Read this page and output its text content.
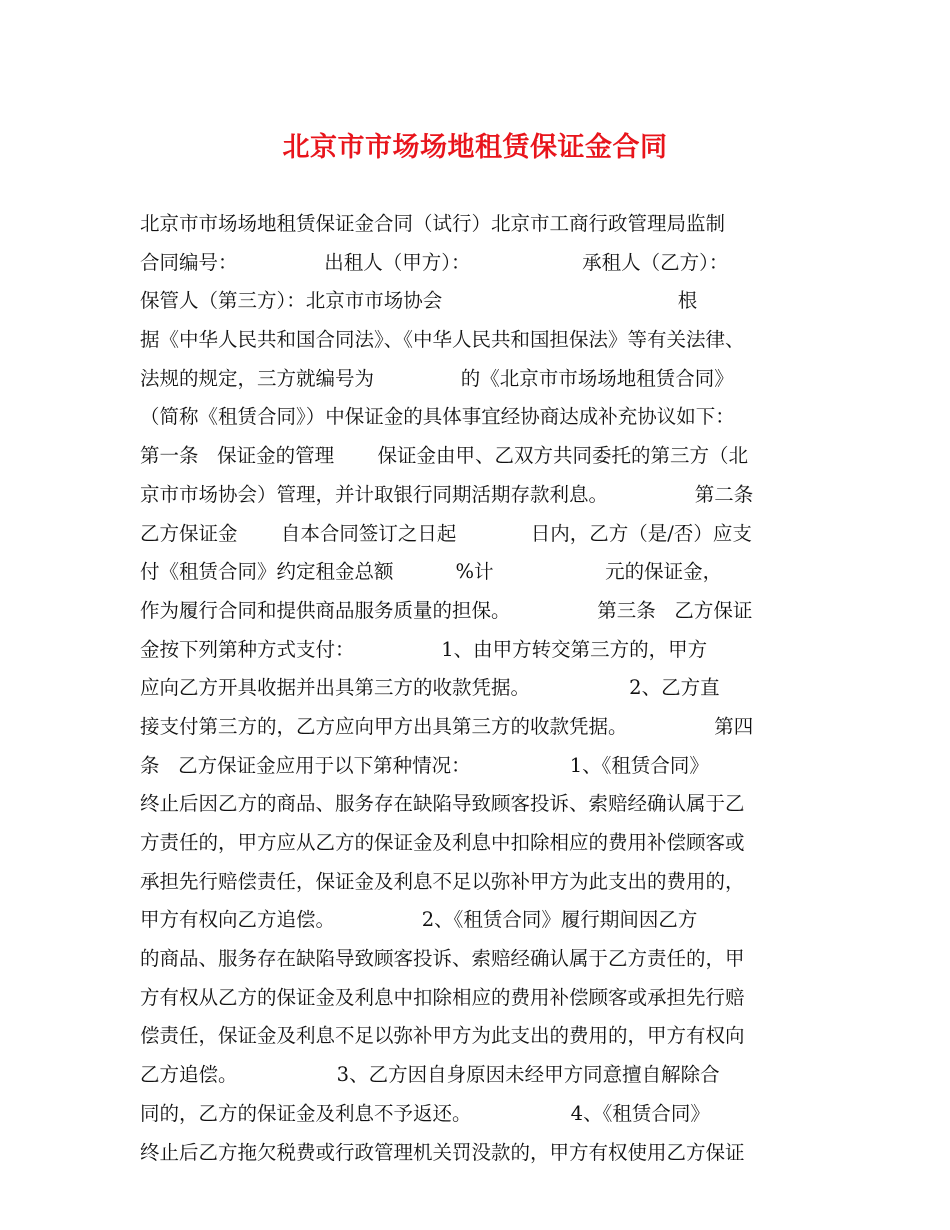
北京市市场场地租赁保证金合同
北京市市场场地租赁保证金合同（试行）北京市工商行政管理局监制
合同编号：              出租人（甲方）：                  承租人（乙方）：
保管人（第三方）：北京市市场协会                                      根
据《中华人民共和国合同法》、《中华人民共和国担保法》等有关法律、
法规的规定，三方就编号为              的《北京市市场场地租赁合同》
（简称《租赁合同》）中保证金的具体事宜经协商达成补充协议如下：
第一条   保证金的管理       保证金由甲、乙双方共同委托的第三方（北
京市市场协会）管理，并计取银行同期活期存款利息。              第二条
乙方保证金       自本合同签订之日起            日内，乙方（是/否）应支
付《租赁合同》约定租金总额          %计                  元的保证金，
作为履行合同和提供商品服务质量的担保。              第三条   乙方保证
金按下列第种方式支付：              1、由甲方转交第三方的，甲方
应向乙方开具收据并出具第三方的收款凭据。                2、乙方直
接支付第三方的，乙方应向甲方出具第三方的收款凭据。              第四
条   乙方保证金应用于以下第种情况：                1、《租赁合同》
终止后因乙方的商品、服务存在缺陷导致顾客投诉、索赔经确认属于乙
方责任的，甲方应从乙方的保证金及利息中扣除相应的费用补偿顾客或
承担先行赔偿责任，保证金及利息不足以弥补甲方为此支出的费用的，
甲方有权向乙方追偿。              2、《租赁合同》履行期间因乙方
的商品、服务存在缺陷导致顾客投诉、索赔经确认属于乙方责任的，甲
方有权从乙方的保证金及利息中扣除相应的费用补偿顾客或承担先行赔
偿责任，保证金及利息不足以弥补甲方为此支出的费用的，甲方有权向
乙方追偿。                3、乙方因自身原因未经甲方同意擅自解除合
同的，乙方的保证金及利息不予返还。                4、《租赁合同》
终止后乙方拖欠税费或行政管理机关罚没款的，甲方有权使用乙方保证
